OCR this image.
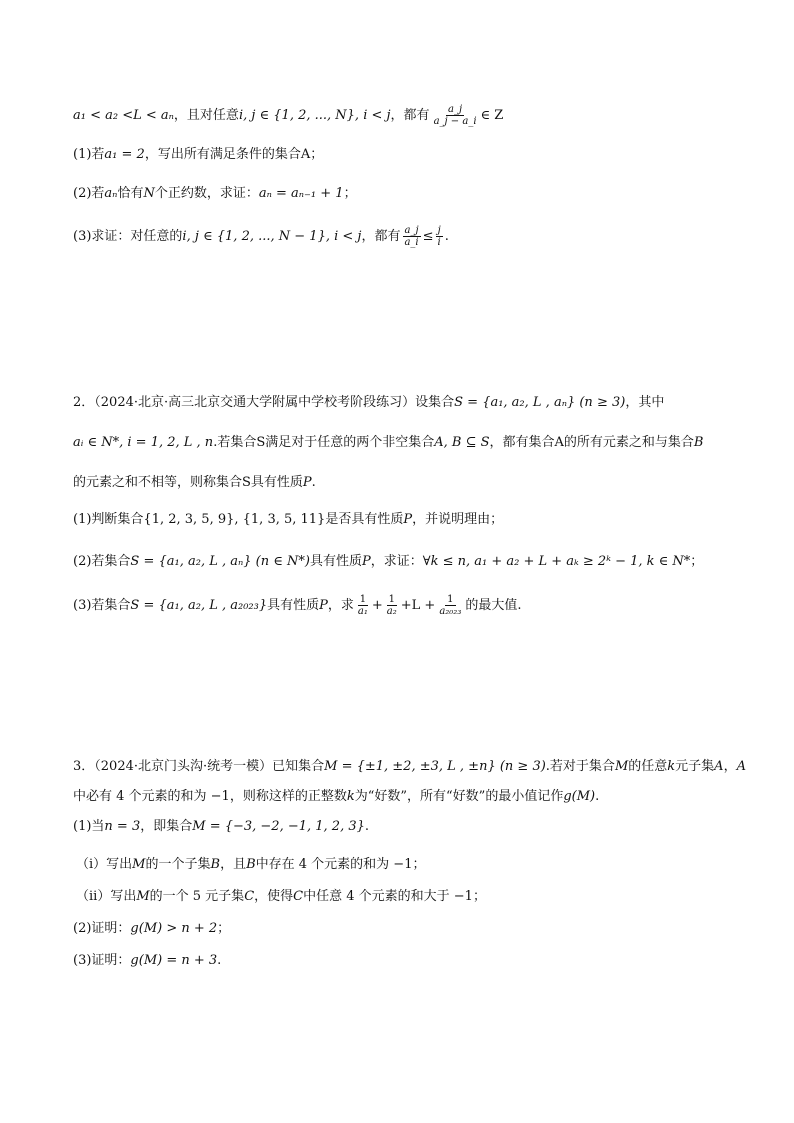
a₁ < a₂ <L < aₙ ，且对任意 i, j ∈ {1, 2, ..., N}, i < j ，都有 $\frac{a\_j}{a\_j - a\_i}$ ∈ Z
(1)若 a₁ = 2 ，写出所有满足条件的集合A；
(2)若 aₙ 恰有 N 个正约数，求证： aₙ = aₙ₋₁ + 1 ；
(3)求证：对任意的 i, j ∈ {1, 2, ..., N − 1}, i < j ，都有 $\frac{a\_j}{a\_i} \le \frac{j}{i}$ .
2．（2024·北京·高三北京交通大学附属中学校考阶段练习）设集合 S = {a₁, a₂, L , aₙ} (n ≥ 3) ，其中
aᵢ ∈ N*, i = 1, 2, L , n .若集合S满足对于任意的两个非空集合 A, B ⊆ S ，都有集合A的所有元素之和与集合 B
的元素之和不相等，则称集合S具有性质 P .
(1)判断集合 {1, 2, 3, 5, 9}, {1, 3, 5, 11} 是否具有性质 P ，并说明理由；
(2)若集合 S = {a₁, a₂, L , aₙ} (n ∈ N*) 具有性质 P ，求证： ∀k ≤ n, a₁ + a₂ + L + aₖ ≥ 2ᵏ − 1, k ∈ N* ；
(3)若集合 S = {a₁, a₂, L , a₂₀₂₃} 具有性质 P ，求 $\frac{1}{\text{a₁}} + \frac{1}{\text{a₂}} +L + \frac{1}{\text{a₂₀₂₃}}$ 的最大值.
3．（2024·北京门头沟·统考一模）已知集合 M = {±1, ±2, ±3, L , ±n} (n ≥ 3) .若对于集合 M 的任意 k 元子集 A ， A
中必有 4 个元素的和为 −1，则称这样的正整数 k 为“好数”，所有“好数”的最小值记作 g(M) .
(1)当 n = 3 ，即集合 M = {−3, −2, −1, 1, 2, 3} .
（i）写出 M 的一个子集 B ，且 B 中存在 4 个元素的和为 −1；
（ii）写出 M 的一个 5 元子集 C ，使得 C 中任意 4 个元素的和大于 −1；
(2)证明： g(M) > n + 2 ；
(3)证明： g(M) = n + 3 .
